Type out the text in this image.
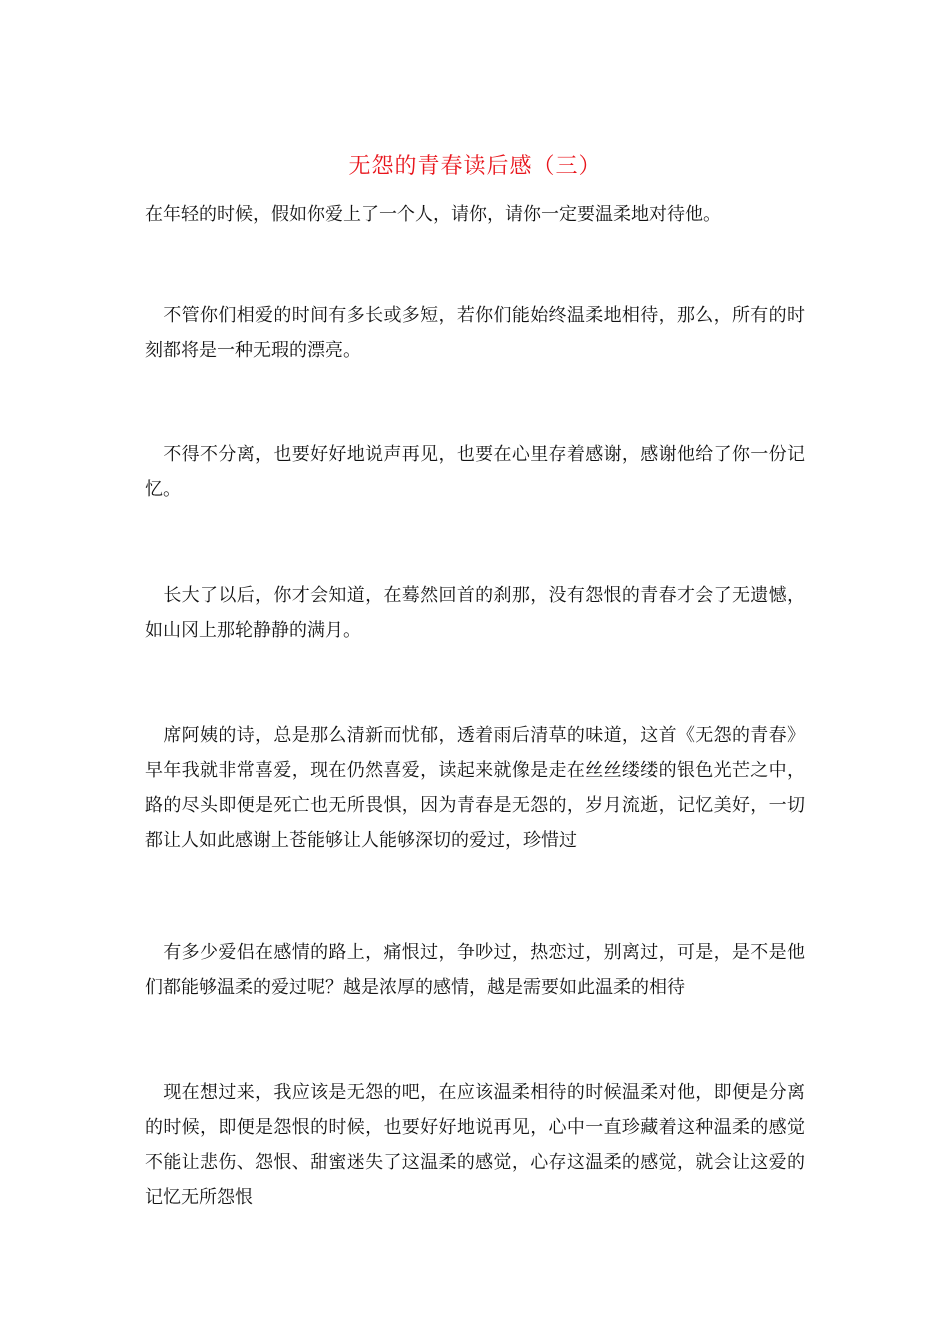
无怨的青春读后感（三）

在年轻的时候，假如你爱上了一个人，请你，请你一定要温柔地对待他。

　不管你们相爱的时间有多长或多短，若你们能始终温柔地相待，那么，所有的时刻都将是一种无瑕的漂亮。

　不得不分离，也要好好地说声再见，也要在心里存着感谢，感谢他给了你一份记忆。

　长大了以后，你才会知道，在蓦然回首的刹那，没有怨恨的青春才会了无遗憾，如山冈上那轮静静的满月。

　席阿姨的诗，总是那么清新而忧郁，透着雨后清草的味道，这首《无怨的青春》早年我就非常喜爱，现在仍然喜爱，读起来就像是走在丝丝缕缕的银色光芒之中，路的尽头即便是死亡也无所畏惧，因为青春是无怨的，岁月流逝，记忆美好，一切都让人如此感谢上苍能够让人能够深切的爱过，珍惜过

　有多少爱侣在感情的路上，痛恨过，争吵过，热恋过，别离过，可是，是不是他们都能够温柔的爱过呢？越是浓厚的感情，越是需要如此温柔的相待

　现在想过来，我应该是无怨的吧，在应该温柔相待的时候温柔对他，即便是分离的时候，即便是怨恨的时候，也要好好地说再见，心中一直珍藏着这种温柔的感觉 不能让悲伤、怨恨、甜蜜迷失了这温柔的感觉，心存这温柔的感觉，就会让这爱的记忆无所怨恨
